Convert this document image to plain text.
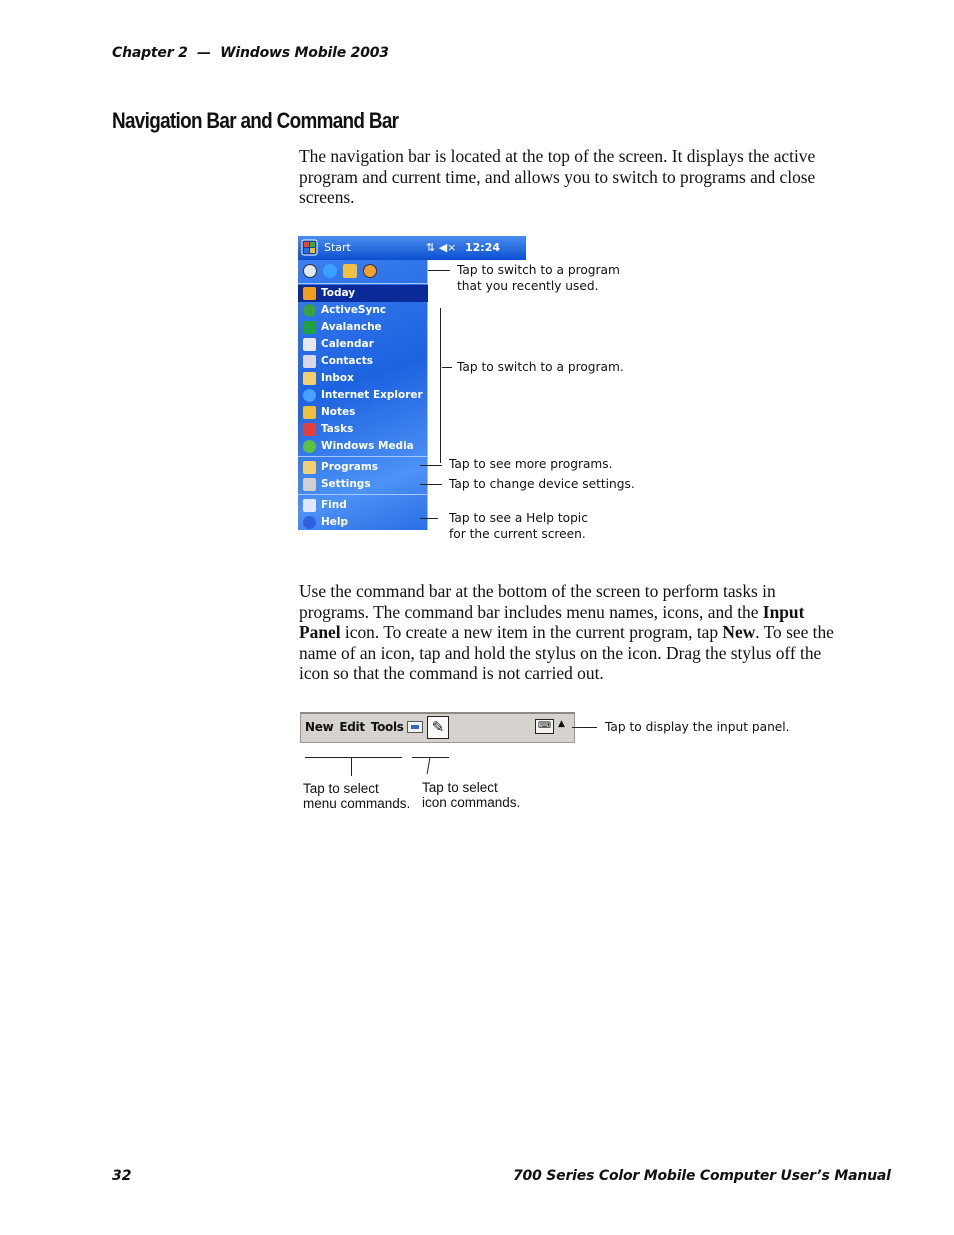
Chapter 2 — Windows Mobile 2003
Navigation Bar and Command Bar

The navigation bar is located at the top of the screen. It displays the active program and current time, and allows you to switch to programs and close screens.

Start	⇅ ◀× 12:24
Today
ActiveSync
Avalanche
Calendar
Contacts
Inbox
Internet Explorer
Notes
Tasks
Windows Media
Programs
Settings
Find
Help
Tap to switch to a program
that you recently used.
Tap to switch to a program.
Tap to see more programs.
Tap to change device settings.
Tap to see a Help topic
for the current screen.

Use the command bar at the bottom of the screen to perform tasks in programs. The command bar includes menu names, icons, and the Input Panel icon. To create a new item in the current program, tap New. To see the name of an icon, tap and hold the stylus on the icon. Drag the stylus off the icon so that the command is not carried out.

New Edit Tools	✎	⌨ ▲	Tap to display the input panel.
Tap to select
menu commands.
Tap to select
icon commands.
32	700 Series Color Mobile Computer User’s Manual
